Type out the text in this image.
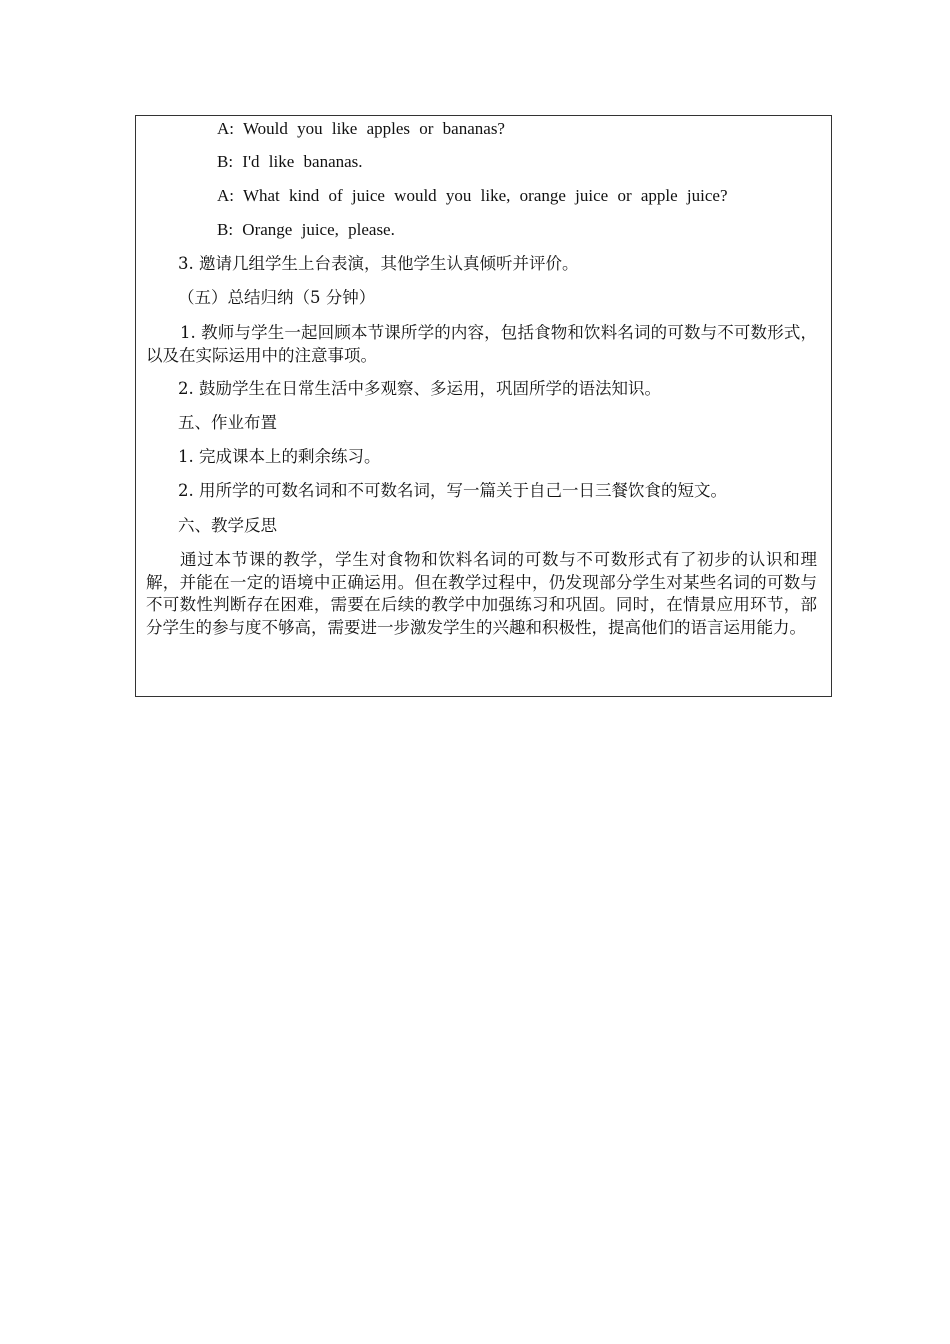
A: Would you like apples or bananas?
B: I'd like bananas.
A: What kind of juice would you like, orange juice or apple juice?
B: Orange juice, please.
3. 邀请几组学生上台表演，其他学生认真倾听并评价。
（五）总结归纳（5 分钟）
1. 教师与学生一起回顾本节课所学的内容，包括食物和饮料名词的可数与不可数形式，以及在实际运用中的注意事项。
2. 鼓励学生在日常生活中多观察、多运用，巩固所学的语法知识。
五、作业布置
1. 完成课本上的剩余练习。
2. 用所学的可数名词和不可数名词，写一篇关于自己一日三餐饮食的短文。
六、教学反思
通过本节课的教学，学生对食物和饮料名词的可数与不可数形式有了初步的认识和理解，并能在一定的语境中正确运用。但在教学过程中，仍发现部分学生对某些名词的可数与不可数性判断存在困难，需要在后续的教学中加强练习和巩固。同时，在情景应用环节，部分学生的参与度不够高，需要进一步激发学生的兴趣和积极性，提高他们的语言运用能力。
